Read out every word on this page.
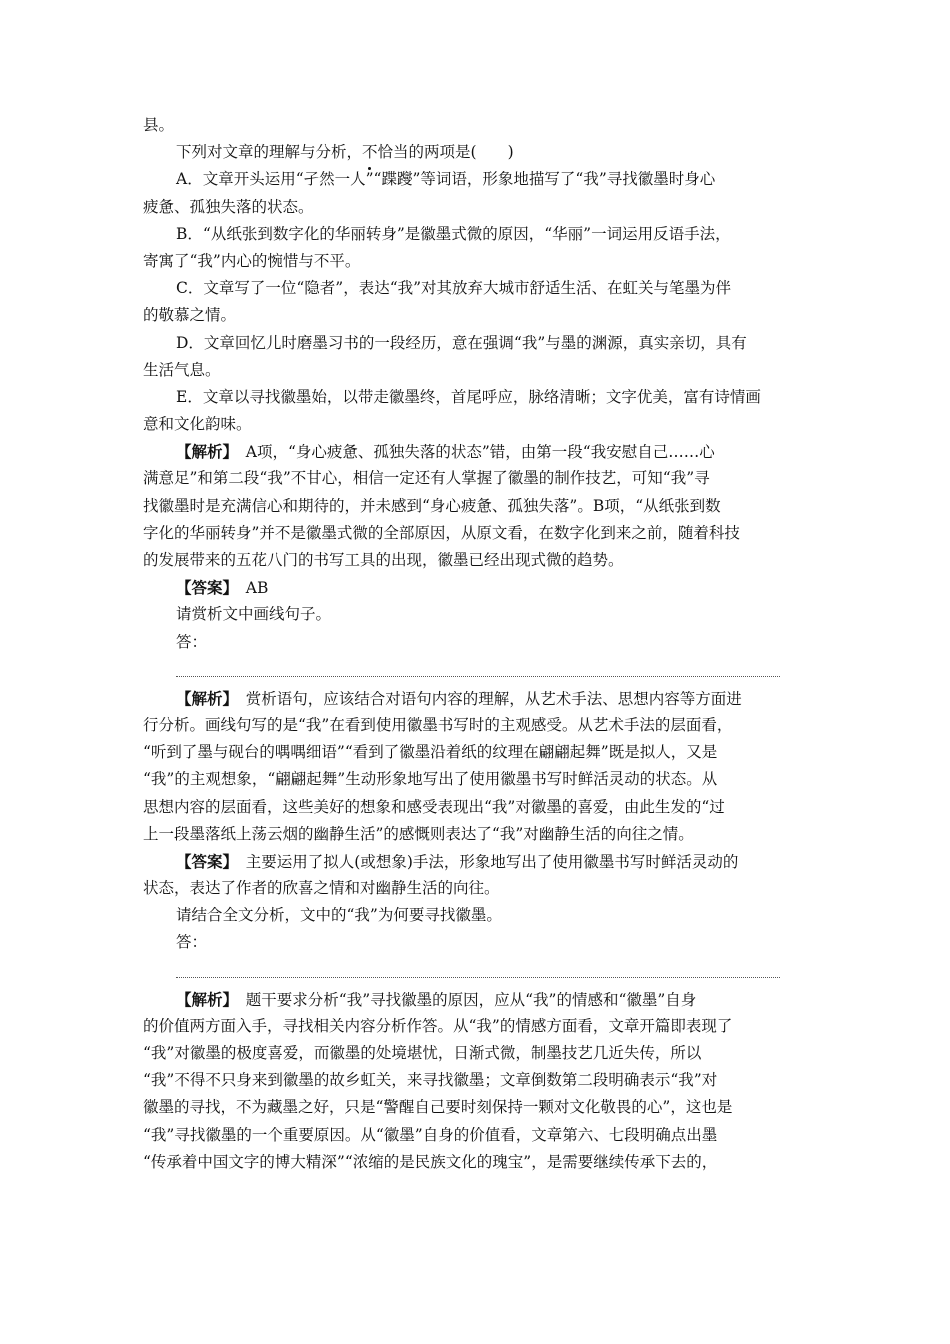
县。
下列对文章的理解与分析，不恰当的两项是(　　)
A．文章开头运用“孑然一人”“蹀躞”等词语，形象地描写了“我”寻找徽墨时身心
疲惫、孤独失落的状态。
B．“从纸张到数字化的华丽转身”是徽墨式微的原因，“华丽”一词运用反语手法，
寄寓了“我”内心的惋惜与不平。
C．文章写了一位“隐者”，表达“我”对其放弃大城市舒适生活、在虹关与笔墨为伴
的敬慕之情。
D．文章回忆儿时磨墨习书的一段经历，意在强调“我”与墨的渊源，真实亲切，具有
生活气息。
E．文章以寻找徽墨始，以带走徽墨终，首尾呼应，脉络清晰；文字优美，富有诗情画
意和文化韵味。
【解析】　A项，“身心疲惫、孤独失落的状态”错，由第一段“我安慰自己……心
满意足”和第二段“我”不甘心，相信一定还有人掌握了徽墨的制作技艺，可知“我”寻
找徽墨时是充满信心和期待的，并未感到“身心疲惫、孤独失落”。B项，“从纸张到数
字化的华丽转身”并不是徽墨式微的全部原因，从原文看，在数字化到来之前，随着科技
的发展带来的五花八门的书写工具的出现，徽墨已经出现式微的趋势。
【答案】　AB
请赏析文中画线句子。
答：
【解析】　赏析语句，应该结合对语句内容的理解，从艺术手法、思想内容等方面进
行分析。画线句写的是“我”在看到使用徽墨书写时的主观感受。从艺术手法的层面看，
“听到了墨与砚台的喁喁细语”“看到了徽墨沿着纸的纹理在翩翩起舞”既是拟人，又是
“我”的主观想象，“翩翩起舞”生动形象地写出了使用徽墨书写时鲜活灵动的状态。从
思想内容的层面看，这些美好的想象和感受表现出“我”对徽墨的喜爱，由此生发的“过
上一段墨落纸上荡云烟的幽静生活”的感慨则表达了“我”对幽静生活的向往之情。
【答案】　主要运用了拟人(或想象)手法，形象地写出了使用徽墨书写时鲜活灵动的
状态，表达了作者的欣喜之情和对幽静生活的向往。
请结合全文分析，文中的“我”为何要寻找徽墨。
答：
【解析】　题干要求分析“我”寻找徽墨的原因，应从“我”的情感和“徽墨”自身
的价值两方面入手，寻找相关内容分析作答。从“我”的情感方面看，文章开篇即表现了
“我”对徽墨的极度喜爱，而徽墨的处境堪忧，日渐式微，制墨技艺几近失传，所以
“我”不得不只身来到徽墨的故乡虹关，来寻找徽墨；文章倒数第二段明确表示“我”对
徽墨的寻找，不为藏墨之好，只是“警醒自己要时刻保持一颗对文化敬畏的心”，这也是
“我”寻找徽墨的一个重要原因。从“徽墨”自身的价值看，文章第六、七段明确点出墨
“传承着中国文字的博大精深”“浓缩的是民族文化的瑰宝”，是需要继续传承下去的，
